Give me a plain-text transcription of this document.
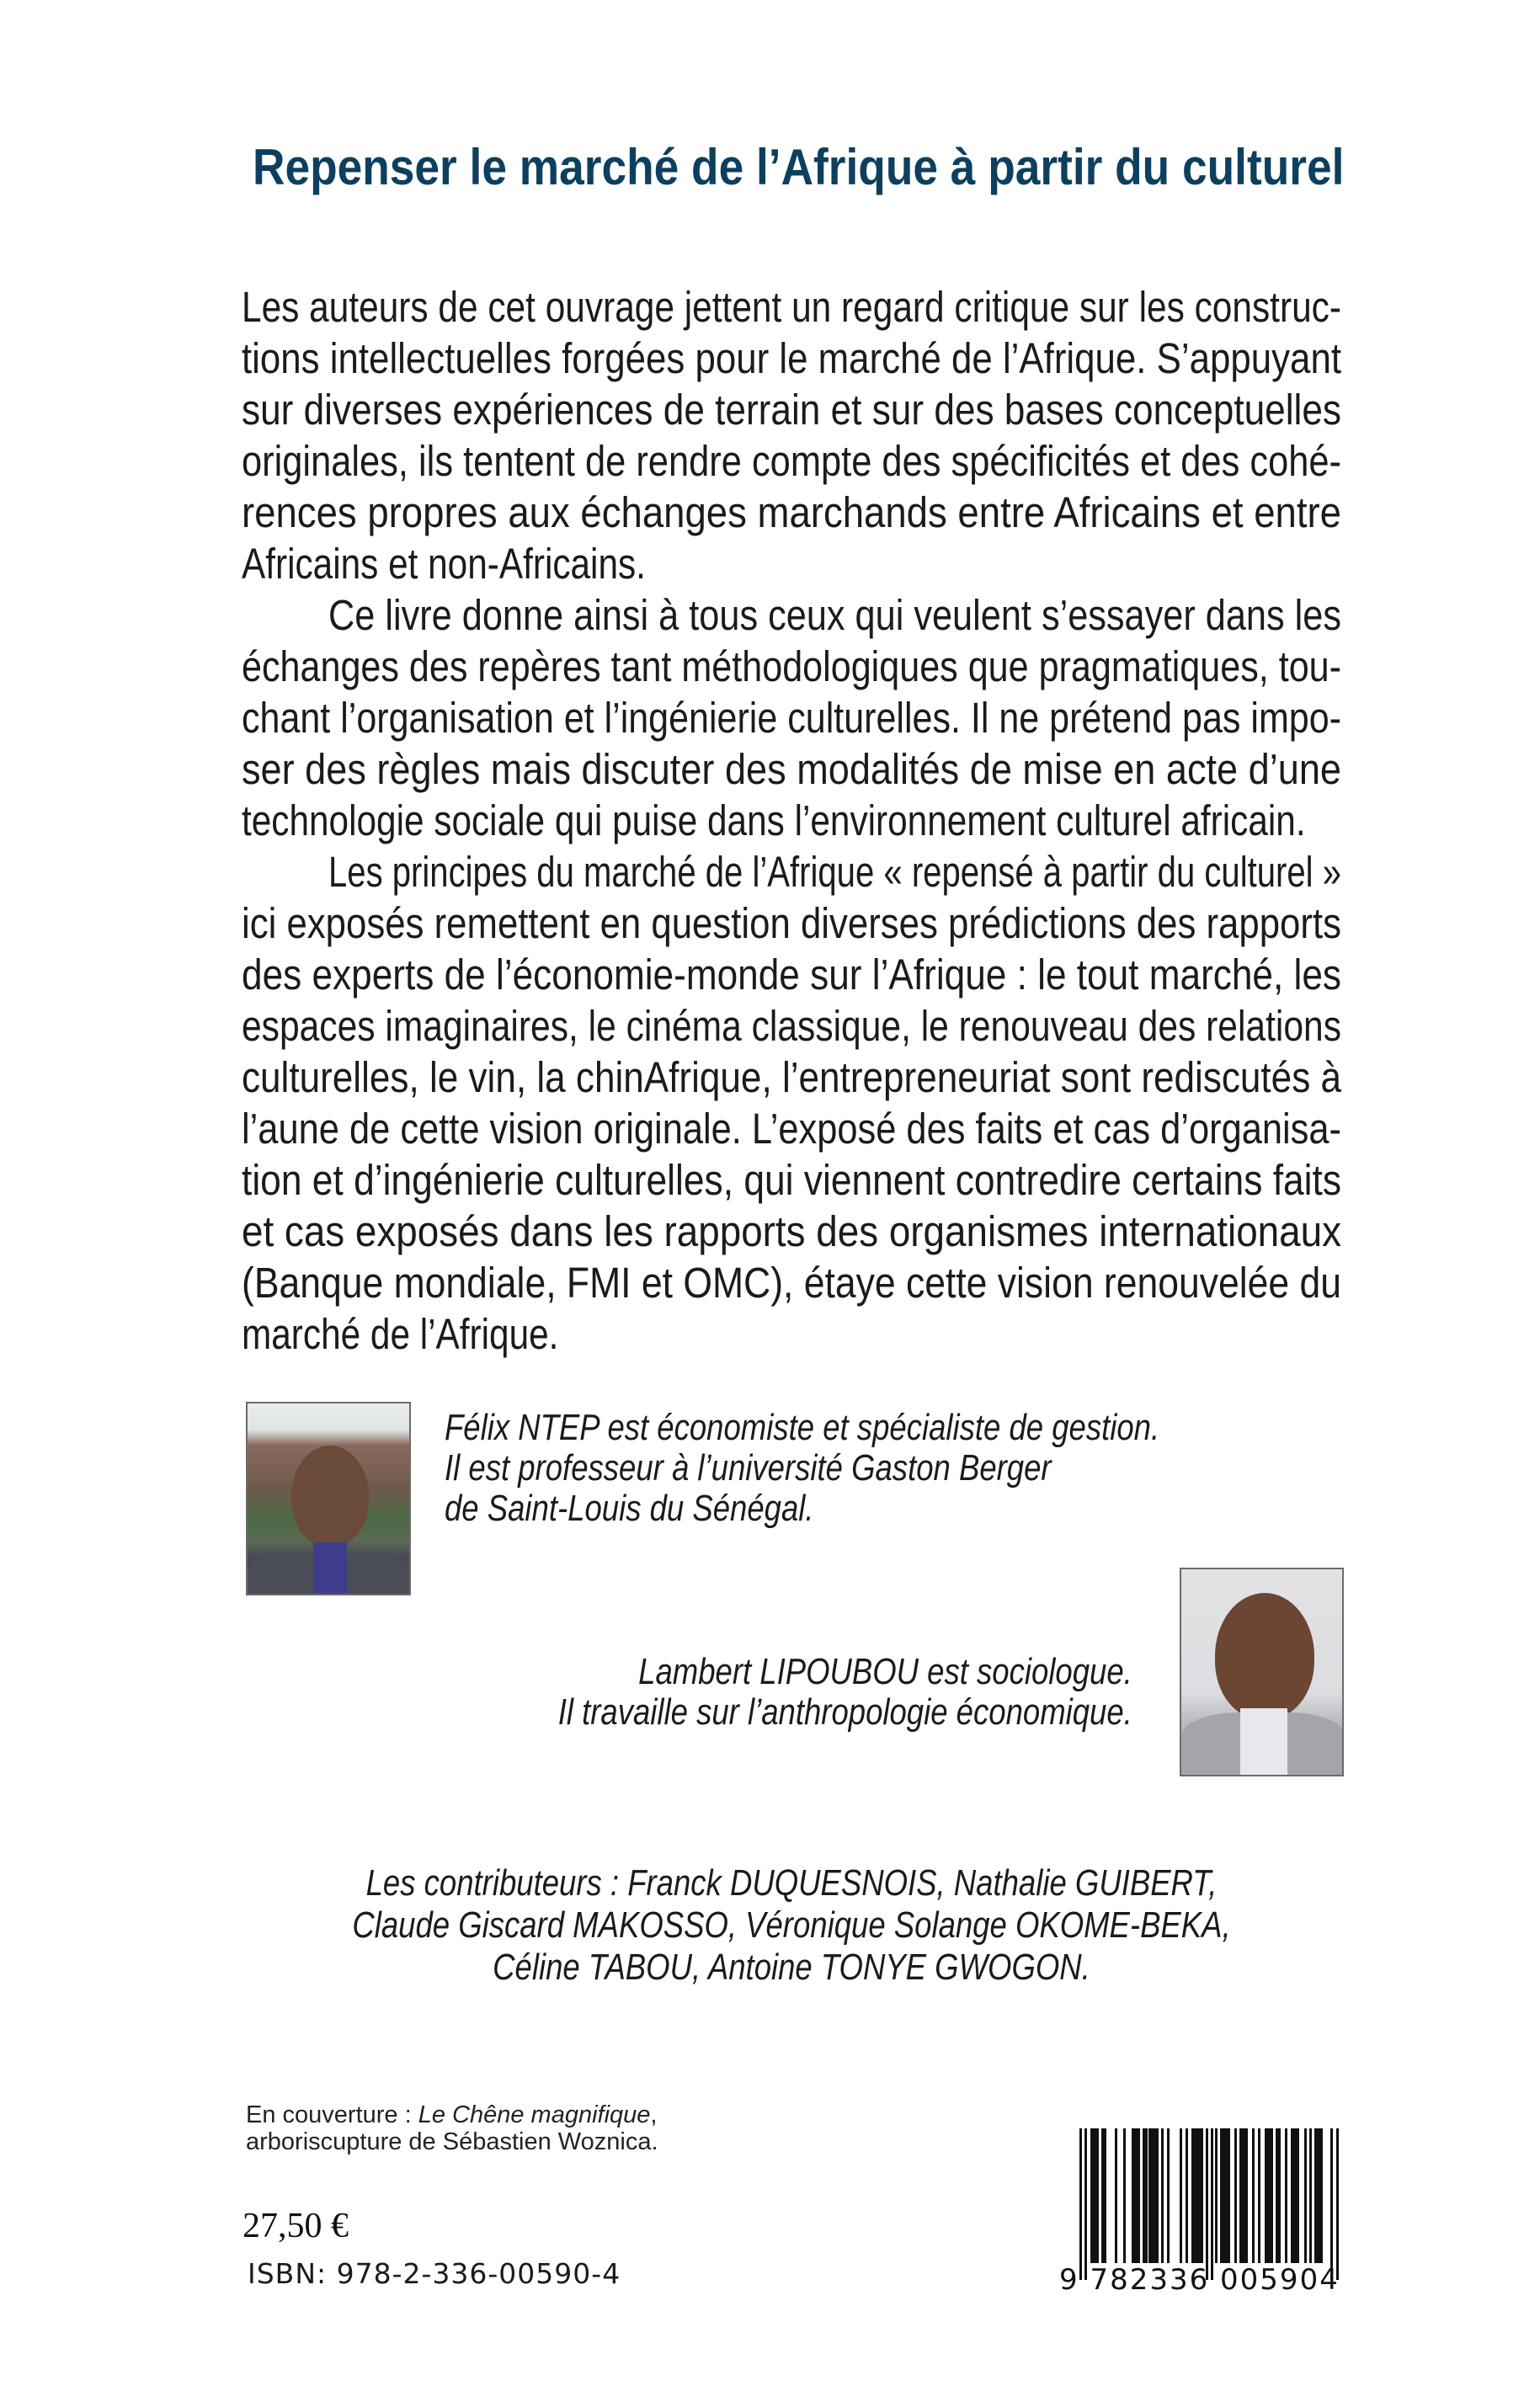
Repenser le marché de l’Afrique à partir du culturel
Les auteurs de cet ouvrage jettent un regard critique sur les construc-
tions intellectuelles forgées pour le marché de l’Afrique. S’appuyant
sur diverses expériences de terrain et sur des bases conceptuelles
originales, ils tentent de rendre compte des spécificités et des cohé-
rences propres aux échanges marchands entre Africains et entre
Africains et non-Africains.
Ce livre donne ainsi à tous ceux qui veulent s’essayer dans les
échanges des repères tant méthodologiques que pragmatiques, tou-
chant l’organisation et l’ingénierie culturelles. Il ne prétend pas impo-
ser des règles mais discuter des modalités de mise en acte d’une
technologie sociale qui puise dans l’environnement culturel africain.
Les principes du marché de l’Afrique « repensé à partir du culturel »
ici exposés remettent en question diverses prédictions des rapports
des experts de l’économie-monde sur l’Afrique : le tout marché, les
espaces imaginaires, le cinéma classique, le renouveau des relations
culturelles, le vin, la chinAfrique, l’entrepreneuriat sont rediscutés à
l’aune de cette vision originale. L’exposé des faits et cas d’organisa-
tion et d’ingénierie culturelles, qui viennent contredire certains faits
et cas exposés dans les rapports des organismes internationaux
(Banque mondiale, FMI et OMC), étaye cette vision renouvelée du
marché de l’Afrique.
Félix NTEP est économiste et spécialiste de gestion.
Il est professeur à l’université Gaston Berger
de Saint-Louis du Sénégal.
Lambert LIPOUBOU est sociologue.
Il travaille sur l’anthropologie économique.
Les contributeurs : Franck DUQUESNOIS, Nathalie GUIBERT,
Claude Giscard MAKOSSO, Véronique Solange OKOME-BEKA,
Céline TABOU, Antoine TONYE GWOGON.
En couverture : Le Chêne magnifique,
arboriscupture de Sébastien Woznica.
27,50 €
ISBN: 978-2-336-00590-4	9 782336 005904
